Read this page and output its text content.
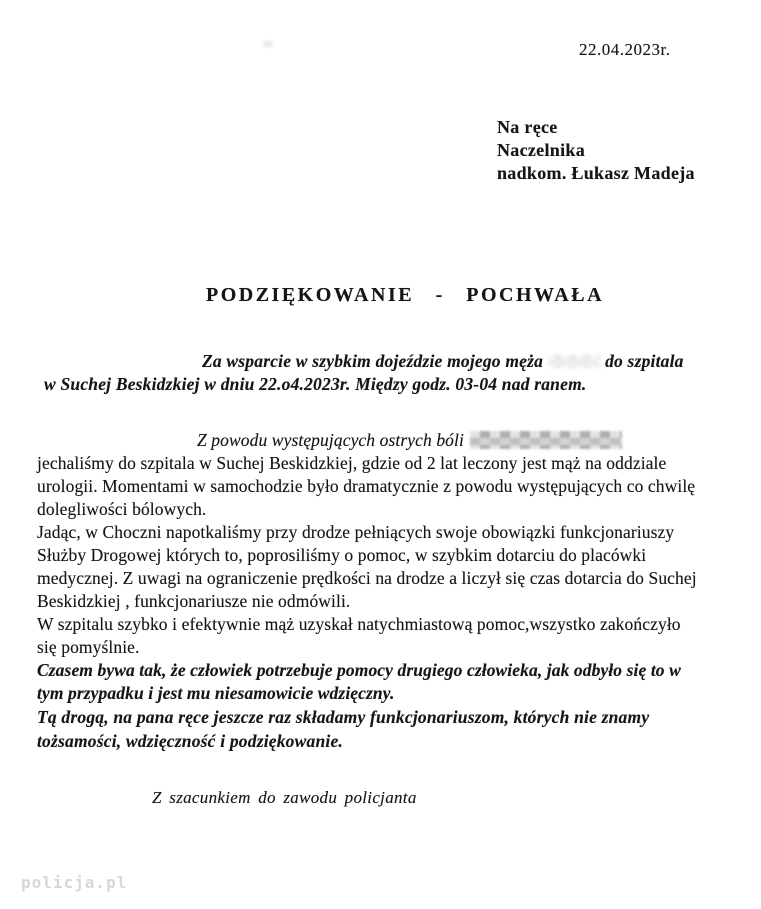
22.04.2023r.
Na ręce
Naczelnika
nadkom. Łukasz Madeja
PODZIĘKOWANIE - POCHWAŁA

Za wsparcie w szybkim dojeździe mojego męża	do szpitala w Suchej Beskidzkiej w dniu 22.o4.2023r. Między godz. 03-04 nad ranem.

Z powodu występujących ostrych bóli

jechaliśmy do szpitala w Suchej Beskidzkiej, gdzie od 2 lat leczony jest mąż na oddziale urologii. Momentami w samochodzie było dramatycznie z powodu występujących co chwilę dolegliwości bólowych.

Jadąc, w Choczni napotkaliśmy przy drodze pełniących swoje obowiązki funkcjonariuszy Służby Drogowej których to, poprosiliśmy o pomoc, w szybkim dotarciu do placówki medycznej. Z uwagi na ograniczenie prędkości na drodze a liczył się czas dotarcia do Suchej Beskidzkiej , funkcjonariusze nie odmówili.

W szpitalu szybko i efektywnie mąż uzyskał natychmiastową pomoc,wszystko zakończyło się pomyślnie.

Czasem bywa tak, że człowiek potrzebuje pomocy drugiego człowieka, jak odbyło się to w tym przypadku i jest mu niesamowicie wdzięczny.

Tą drogą, na pana ręce jeszcze raz składamy funkcjonariuszom, których nie znamy tożsamości, wdzięczność i podziękowanie.

Z szacunkiem do zawodu policjanta

policja.pl
